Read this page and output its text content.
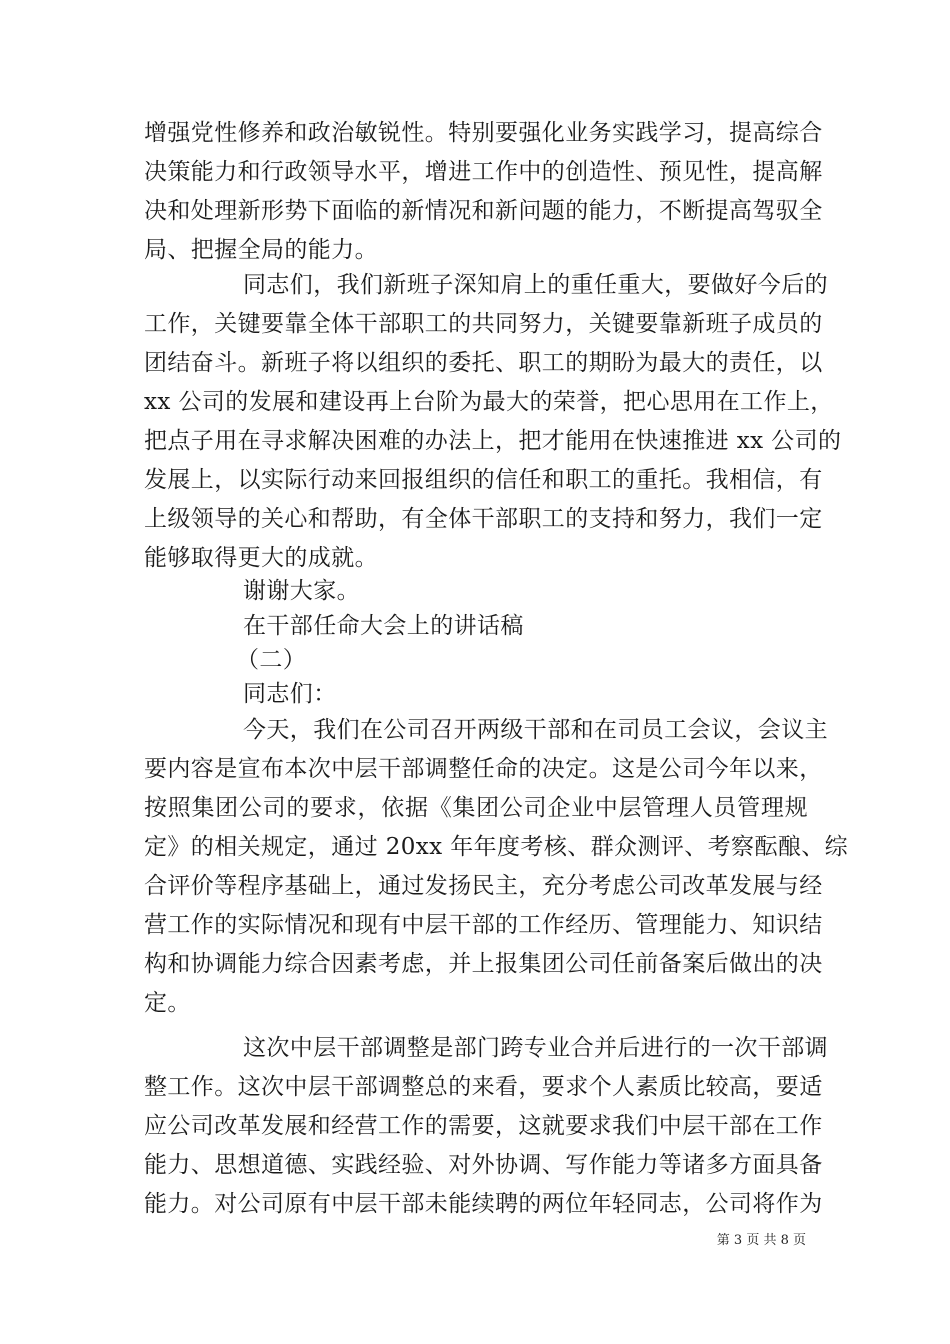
增强党性修养和政治敏锐性。特别要强化业务实践学习，提高综合
决策能力和行政领导水平，增进工作中的创造性、预见性，提高解
决和处理新形势下面临的新情况和新问题的能力，不断提高驾驭全
局、把握全局的能力。
同志们，我们新班子深知肩上的重任重大，要做好今后的
工作，关键要靠全体干部职工的共同努力，关键要靠新班子成员的
团结奋斗。新班子将以组织的委托、职工的期盼为最大的责任，以
xx 公司的发展和建设再上台阶为最大的荣誉，把心思用在工作上，
把点子用在寻求解决困难的办法上，把才能用在快速推进 xx 公司的
发展上，以实际行动来回报组织的信任和职工的重托。我相信，有
上级领导的关心和帮助，有全体干部职工的支持和努力，我们一定
能够取得更大的成就。
谢谢大家。
在干部任命大会上的讲话稿
（二）
同志们：
今天，我们在公司召开两级干部和在司员工会议，会议主
要内容是宣布本次中层干部调整任命的决定。这是公司今年以来，
按照集团公司的要求，依据《集团公司企业中层管理人员管理规
定》的相关规定，通过 20xx 年年度考核、群众测评、考察酝酿、综
合评价等程序基础上，通过发扬民主，充分考虑公司改革发展与经
营工作的实际情况和现有中层干部的工作经历、管理能力、知识结
构和协调能力综合因素考虑，并上报集团公司任前备案后做出的决
定。
这次中层干部调整是部门跨专业合并后进行的一次干部调
整工作。这次中层干部调整总的来看，要求个人素质比较高，要适
应公司改革发展和经营工作的需要，这就要求我们中层干部在工作
能力、思想道德、实践经验、对外协调、写作能力等诸多方面具备
能力。对公司原有中层干部未能续聘的两位年轻同志，公司将作为
第 3 页 共 8 页
